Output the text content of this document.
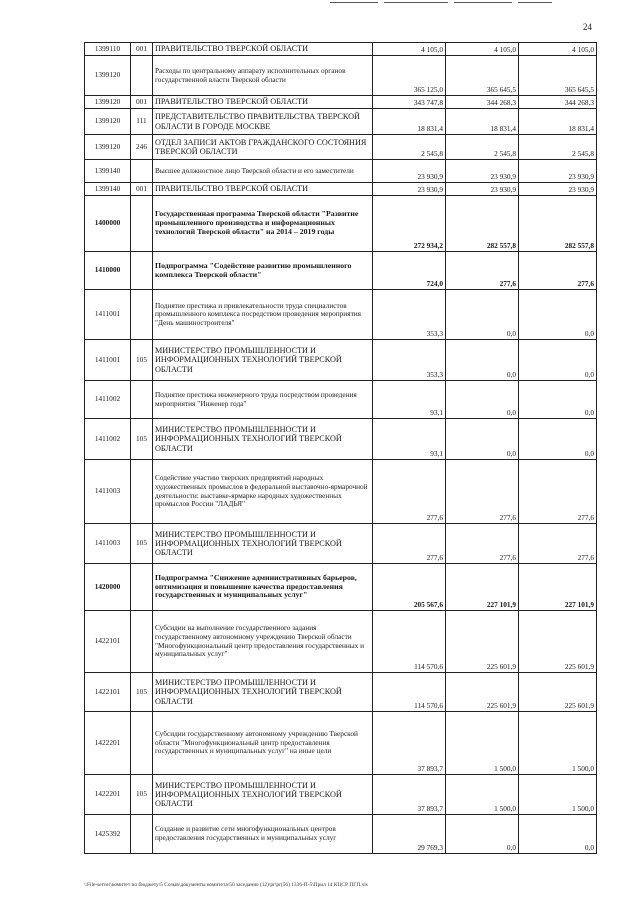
24
1399110	001	ПРАВИТЕЛЬСТВО ТВЕРСКОЙ ОБЛАСТИ	4 105,0	4 105,0	4 105,0
1399120		Расходы по центральному аппарату исполнительных органов государственной власти Тверской области	365 125,0	365 645,5	365 645,5
1399120	001	ПРАВИТЕЛЬСТВО ТВЕРСКОЙ ОБЛАСТИ	343 747,8	344 268,3	344 268,3
1399120	111	ПРЕДСТАВИТЕЛЬСТВО ПРАВИТЕЛЬСТВА ТВЕРСКОЙ ОБЛАСТИ В ГОРОДЕ МОСКВЕ	18 831,4	18 831,4	18 831,4
1399120	246	ОТДЕЛ ЗАПИСИ АКТОВ ГРАЖДАНСКОГО СОСТОЯНИЯ ТВЕРСКОЙ ОБЛАСТИ	2 545,8	2 545,8	2 545,8
1399140		Высшее должностное лицо Тверской области и его заместители	23 930,9	23 930,9	23 930,9
1399140	001	ПРАВИТЕЛЬСТВО ТВЕРСКОЙ ОБЛАСТИ	23 930,9	23 930,9	23 930,9
1400000		Государственная программа Тверской области "Развитие промышленного производства и информационных технологий Тверской области" на 2014 – 2019 годы	272 934,2	282 557,8	282 557,8
1410000		Подпрограмма "Содействие развитию промышленного комплекса Тверской области"	724,0	277,6	277,6
1411001		Поднятие престижа и привлекательности труда специалистов промышленного комплекса посредством проведения мероприятия "День машиностроителя"	353,3	0,0	0,0
1411001	105	МИНИСТЕРСТВО ПРОМЫШЛЕННОСТИ И ИНФОРМАЦИОННЫХ ТЕХНОЛОГИЙ ТВЕРСКОЙ ОБЛАСТИ	353,3	0,0	0,0
1411002		Поднятие престижа инженерного труда посредством проведения мероприятия "Инженер года"	93,1	0,0	0,0
1411002	105	МИНИСТЕРСТВО ПРОМЫШЛЕННОСТИ И ИНФОРМАЦИОННЫХ ТЕХНОЛОГИЙ ТВЕРСКОЙ ОБЛАСТИ	93,1	0,0	0,0
1411003		Содействие участию тверских предприятий народных художественных промыслов в федеральной выставочно-ярмарочной деятельности: выставке-ярмарке народных художественных промыслов России "ЛАДЬЯ"	277,6	277,6	277,6
1411003	105	МИНИСТЕРСТВО ПРОМЫШЛЕННОСТИ И ИНФОРМАЦИОННЫХ ТЕХНОЛОГИЙ ТВЕРСКОЙ ОБЛАСТИ	277,6	277,6	277,6
1420000		Подпрограмма "Снижение административных барьеров, оптимизация и повышение качества предоставления государственных и муниципальных услуг"	205 567,6	227 101,9	227 101,9
1422101		Субсидии на выполнение государственного задания государственному автономному учреждению Тверской области "Многофункциональный центр предоставления государственных и муниципальных услуг"	114 570,6	225 601,9	225 601,9
1422101	105	МИНИСТЕРСТВО ПРОМЫШЛЕННОСТИ И ИНФОРМАЦИОННЫХ ТЕХНОЛОГИЙ ТВЕРСКОЙ ОБЛАСТИ	114 570,6	225 601,9	225 601,9
1422201		Субсидии государственному автономному учреждению Тверской области "Многофункциональный центр предоставления государственных и муниципальных услуг" на иные цели	37 893,7	1 500,0	1 500,0
1422201	105	МИНИСТЕРСТВО ПРОМЫШЛЕННОСТИ И ИНФОРМАЦИОННЫХ ТЕХНОЛОГИЙ ТВЕРСКОЙ ОБЛАСТИ	37 893,7	1 500,0	1 500,0
1425392		Создание и развитие сети многофункциональных центров предоставления государственных и муниципальных услуг	29 769,3	0,0	0,0
\\File-server\комитет по бюджету\5 Созыв\документы комитета\50 заседание (12)\pr\pr(56) 1336-П-5\Прил 14 КЦСР ПГП.xls
